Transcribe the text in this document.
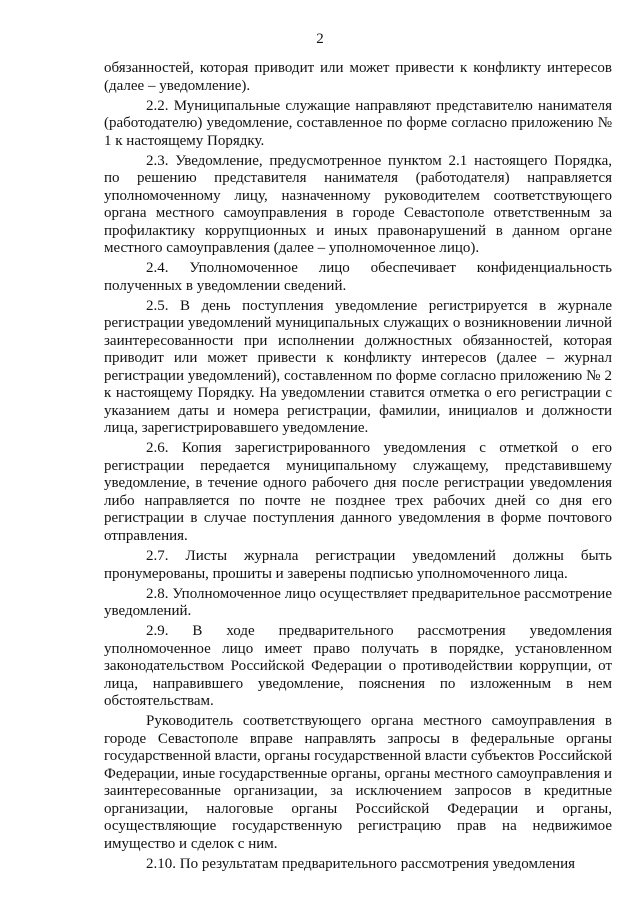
2

обязанностей, которая приводит или может привести к конфликту интересов (далее – уведомление).

2.2. Муниципальные служащие направляют представителю нанимателя (работодателю) уведомление, составленное по форме согласно приложению № 1 к настоящему Порядку.

2.3. Уведомление, предусмотренное пунктом 2.1 настоящего Порядка, по решению представителя нанимателя (работодателя) направляется уполномоченному лицу, назначенному руководителем соответствующего органа местного самоуправления в городе Севастополе ответственным за профилактику коррупционных и иных правонарушений в данном органе местного самоуправления (далее – уполномоченное лицо).

2.4. Уполномоченное лицо обеспечивает конфиденциальность полученных в уведомлении сведений.

2.5. В день поступления уведомление регистрируется в журнале регистрации уведомлений муниципальных служащих о возникновении личной заинтересованности при исполнении должностных обязанностей, которая приводит или может привести к конфликту интересов (далее – журнал регистрации уведомлений), составленном по форме согласно приложению № 2 к настоящему Порядку. На уведомлении ставится отметка о его регистрации с указанием даты и номера регистрации, фамилии, инициалов и должности лица, зарегистрировавшего уведомление.

2.6. Копия зарегистрированного уведомления с отметкой о его регистрации передается муниципальному служащему, представившему уведомление, в течение одного рабочего дня после регистрации уведомления либо направляется по почте не позднее трех рабочих дней со дня его регистрации в случае поступления данного уведомления в форме почтового отправления.

2.7. Листы журнала регистрации уведомлений должны быть пронумерованы, прошиты и заверены подписью уполномоченного лица.

2.8. Уполномоченное лицо осуществляет предварительное рассмотрение уведомлений.

2.9. В ходе предварительного рассмотрения уведомления уполномоченное лицо имеет право получать в порядке, установленном законодательством Российской Федерации о противодействии коррупции, от лица, направившего уведомление, пояснения по изложенным в нем обстоятельствам.

Руководитель соответствующего органа местного самоуправления в городе Севастополе вправе направлять запросы в федеральные органы государственной власти, органы государственной власти субъектов Российской Федерации, иные государственные органы, органы местного самоуправления и заинтересованные организации, за исключением запросов в кредитные организации, налоговые органы Российской Федерации и органы, осуществляющие государственную регистрацию прав на недвижимое имущество и сделок с ним.

2.10. По результатам предварительного рассмотрения уведомления
